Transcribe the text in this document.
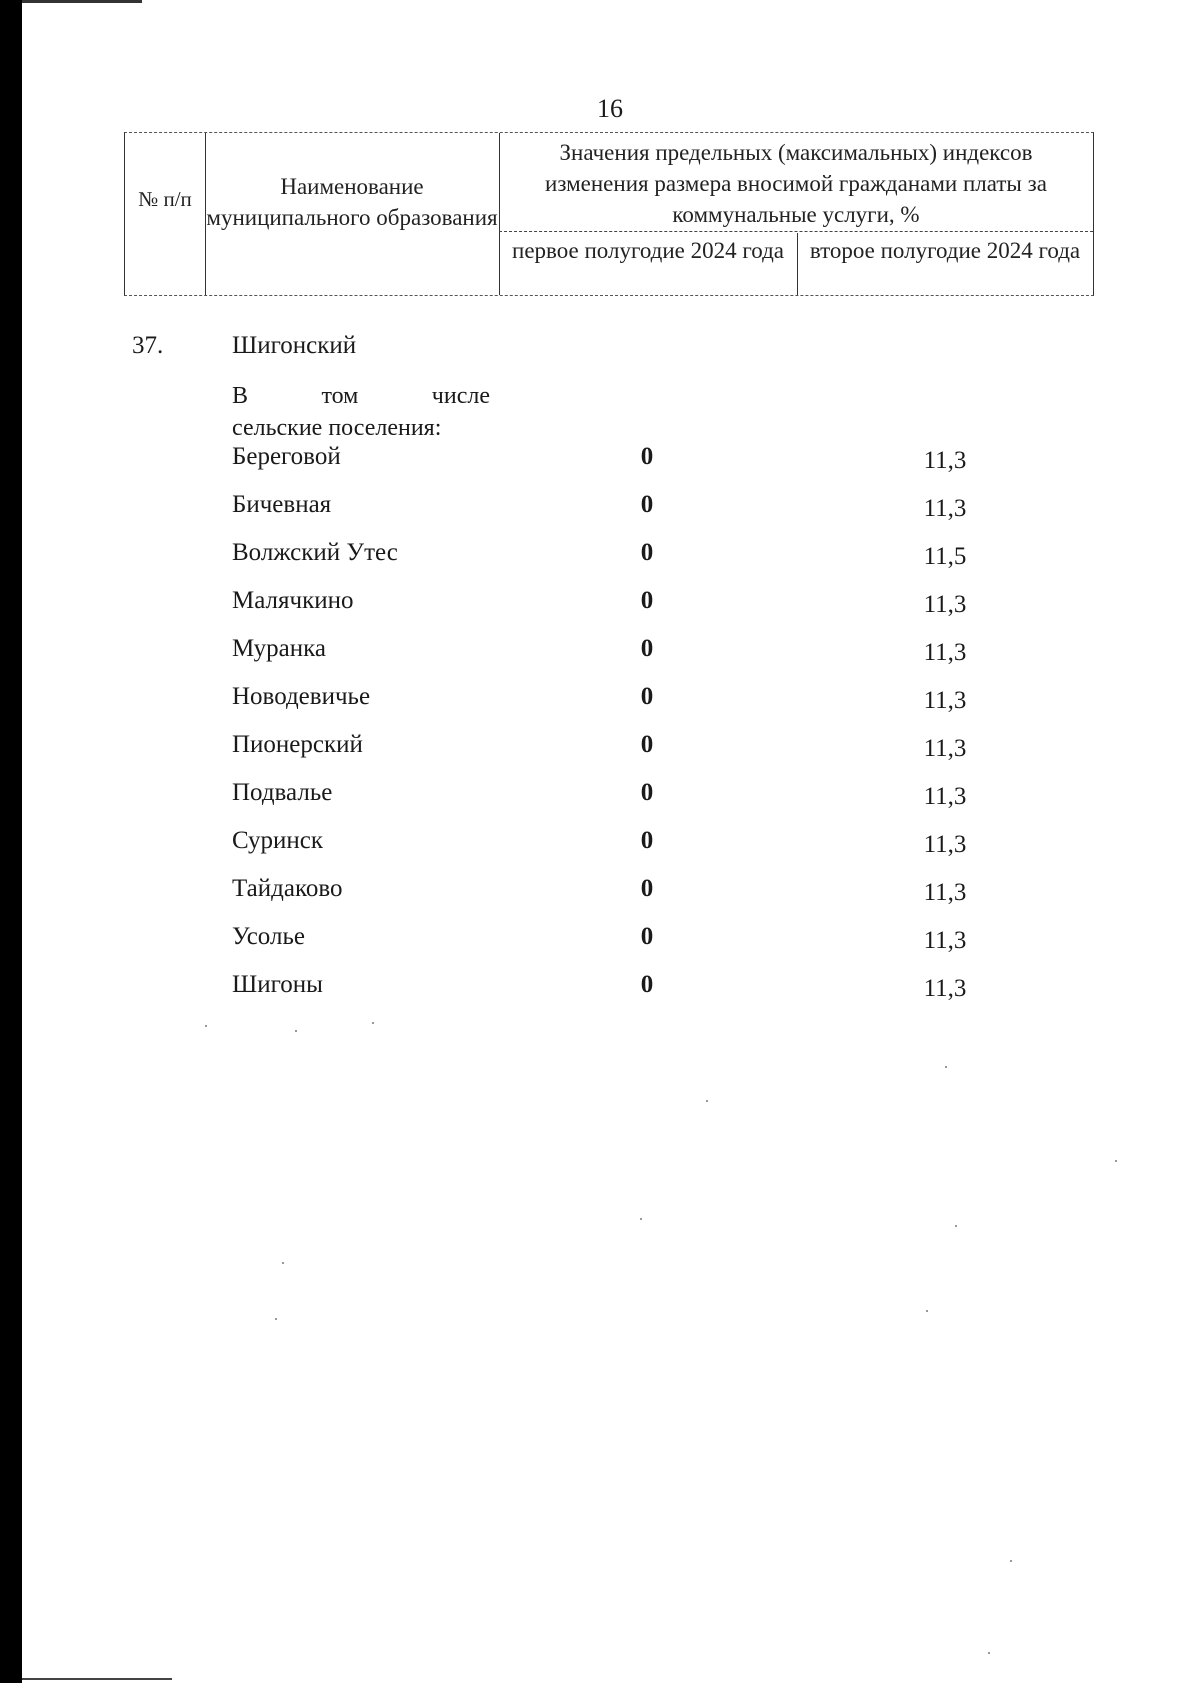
16
№ п/п	Наименование муниципального образования
Значения предельных (максимальных) индексов изменения размера вносимой гражданами платы за коммунальные услуги, %
первое полугодие 2024 года	второе полугодие 2024 года
37.	Шигонский
В	том	числе
сельские поселения:
Береговой	0	11,3
Бичевная	0	11,3
Волжский Утес	0	11,5
Малячкино	0	11,3
Муранка	0	11,3
Новодевичье	0	11,3
Пионерский	0	11,3
Подвалье	0	11,3
Суринск	0	11,3
Тайдаково	0	11,3
Усолье	0	11,3
Шигоны	0	11,3
